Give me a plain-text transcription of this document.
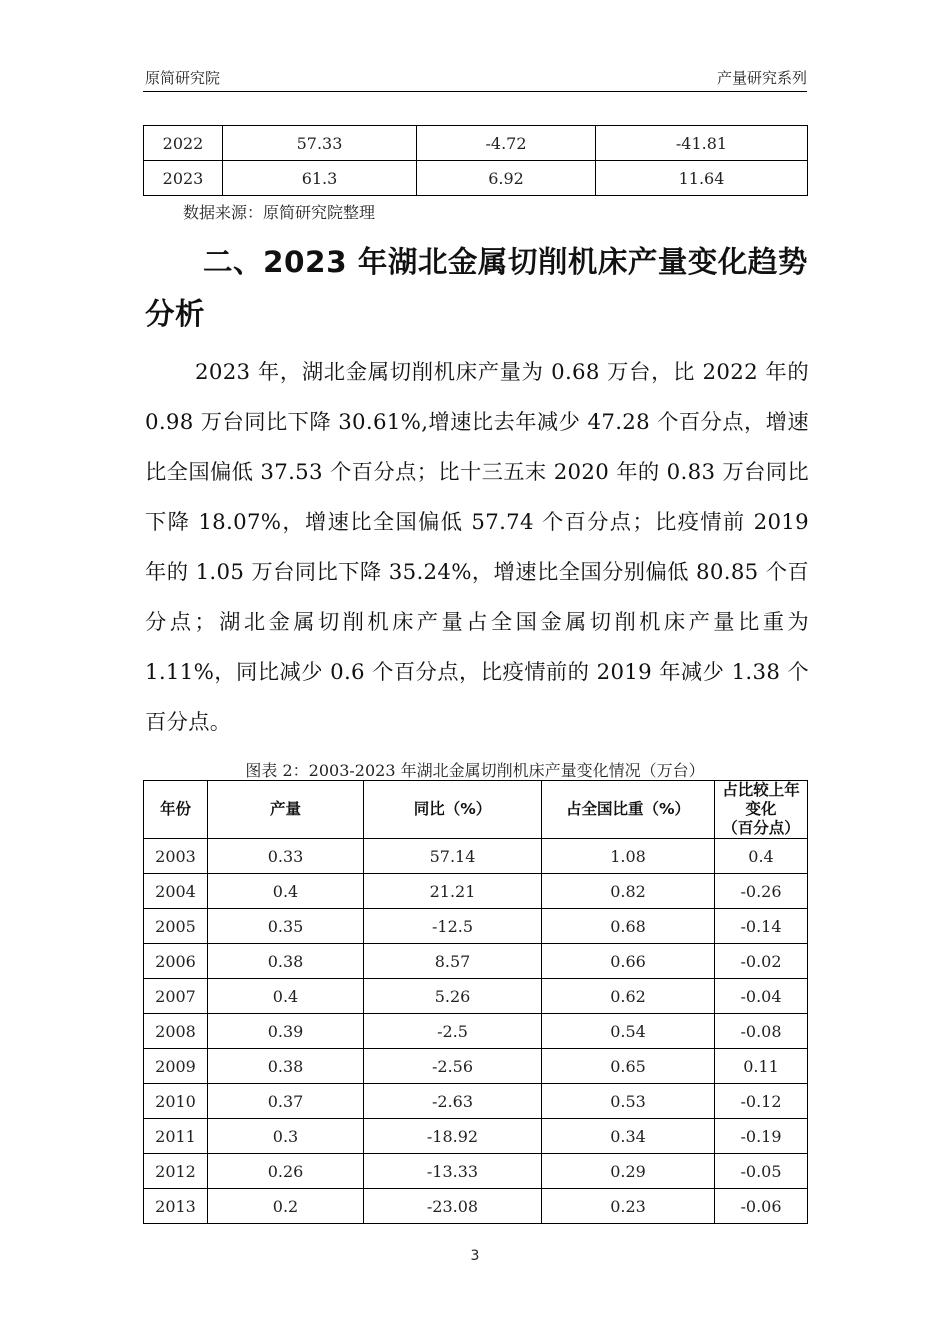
原简研究院	产量研究系列
2022	57.33	-4.72	-41.81
2023	61.3	6.92	11.64
数据来源：原简研究院整理
二、2023 年湖北金属切削机床产量变化趋势分析
2023 年，湖北金属切削机床产量为 0.68 万台，比 2022 年的 0.98 万台同比下降 30.61%,增速比去年减少 47.28 个百分点，增速比全国偏低 37.53 个百分点；比十三五末 2020 年的 0.83 万台同比下降 18.07%，增速比全国偏低 57.74 个百分点；比疫情前 2019 年的 1.05 万台同比下降 35.24%，增速比全国分别偏低 80.85 个百分点；湖北金属切削机床产量占全国金属切削机床产量比重为 1.11%，同比减少 0.6 个百分点，比疫情前的 2019 年减少 1.38 个百分点。
图表 2：2003-2023 年湖北金属切削机床产量变化情况（万台）
年份	产量	同比（%）	占全国比重（%）	占比较上年变化
（百分点）

2003	0.33	57.14	1.08	0.4
2004	0.4	21.21	0.82	-0.26
2005	0.35	-12.5	0.68	-0.14
2006	0.38	8.57	0.66	-0.02
2007	0.4	5.26	0.62	-0.04
2008	0.39	-2.5	0.54	-0.08
2009	0.38	-2.56	0.65	0.11
2010	0.37	-2.63	0.53	-0.12
2011	0.3	-18.92	0.34	-0.19
2012	0.26	-13.33	0.29	-0.05
2013	0.2	-23.08	0.23	-0.06
3
